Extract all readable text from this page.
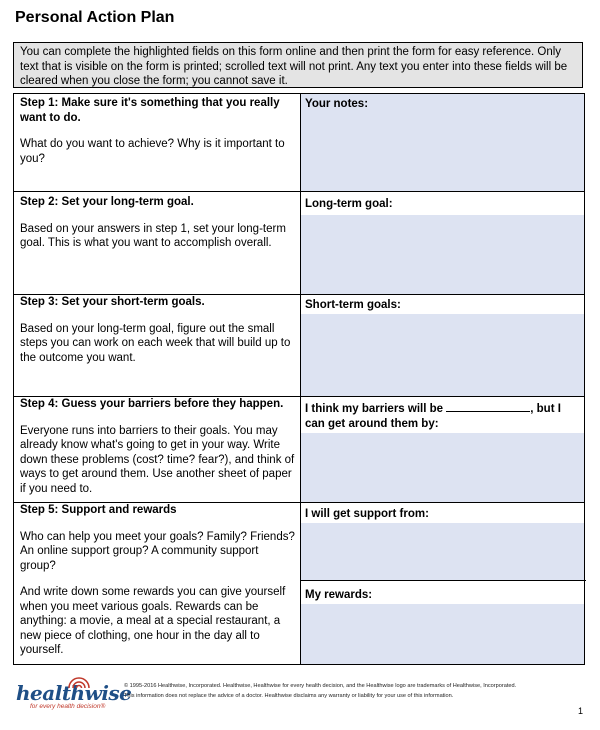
Personal Action Plan

You can complete the highlighted fields on this form online and then print the form for easy reference. Only text that is visible on the form is printed; scrolled text will not print. Any text you enter into these fields will be cleared when you close the form; you cannot save it.

Step 1: Make sure it's something that you really want to do.

What do you want to achieve? Why is it important to you?

Your notes:

Step 2: Set your long-term goal.

Based on your answers in step 1, set your long-term goal. This is what you want to accomplish overall.

Long-term goal:

Step 3: Set your short-term goals.

Based on your long-term goal, figure out the small steps you can work on each week that will build up to the outcome you want.

Short-term goals:

Step 4: Guess your barriers before they happen.

Everyone runs into barriers to their goals. You may already know what's going to get in your way. Write down these problems (cost? time? fear?), and think of ways to get around them. Use another sheet of paper if you need to.

I think my barriers will be	, but I
can get around them by:

Step 5: Support and rewards

Who can help you meet your goals? Family? Friends? An online support group? A community support group?

And write down some rewards you can give yourself when you meet various goals. Rewards can be anything: a movie, a meal at a special restaurant, a new piece of clothing, one hour in the day all to yourself.

I will get support from:
My rewards:
healthwise
for every health decision®

© 1995-2016 Healthwise, Incorporated. Healthwise, Healthwise for every health decision, and the Healthwise logo are trademarks of Healthwise, Incorporated.

This information does not replace the advice of a doctor. Healthwise disclaims any warranty or liability for your use of this information.

1
